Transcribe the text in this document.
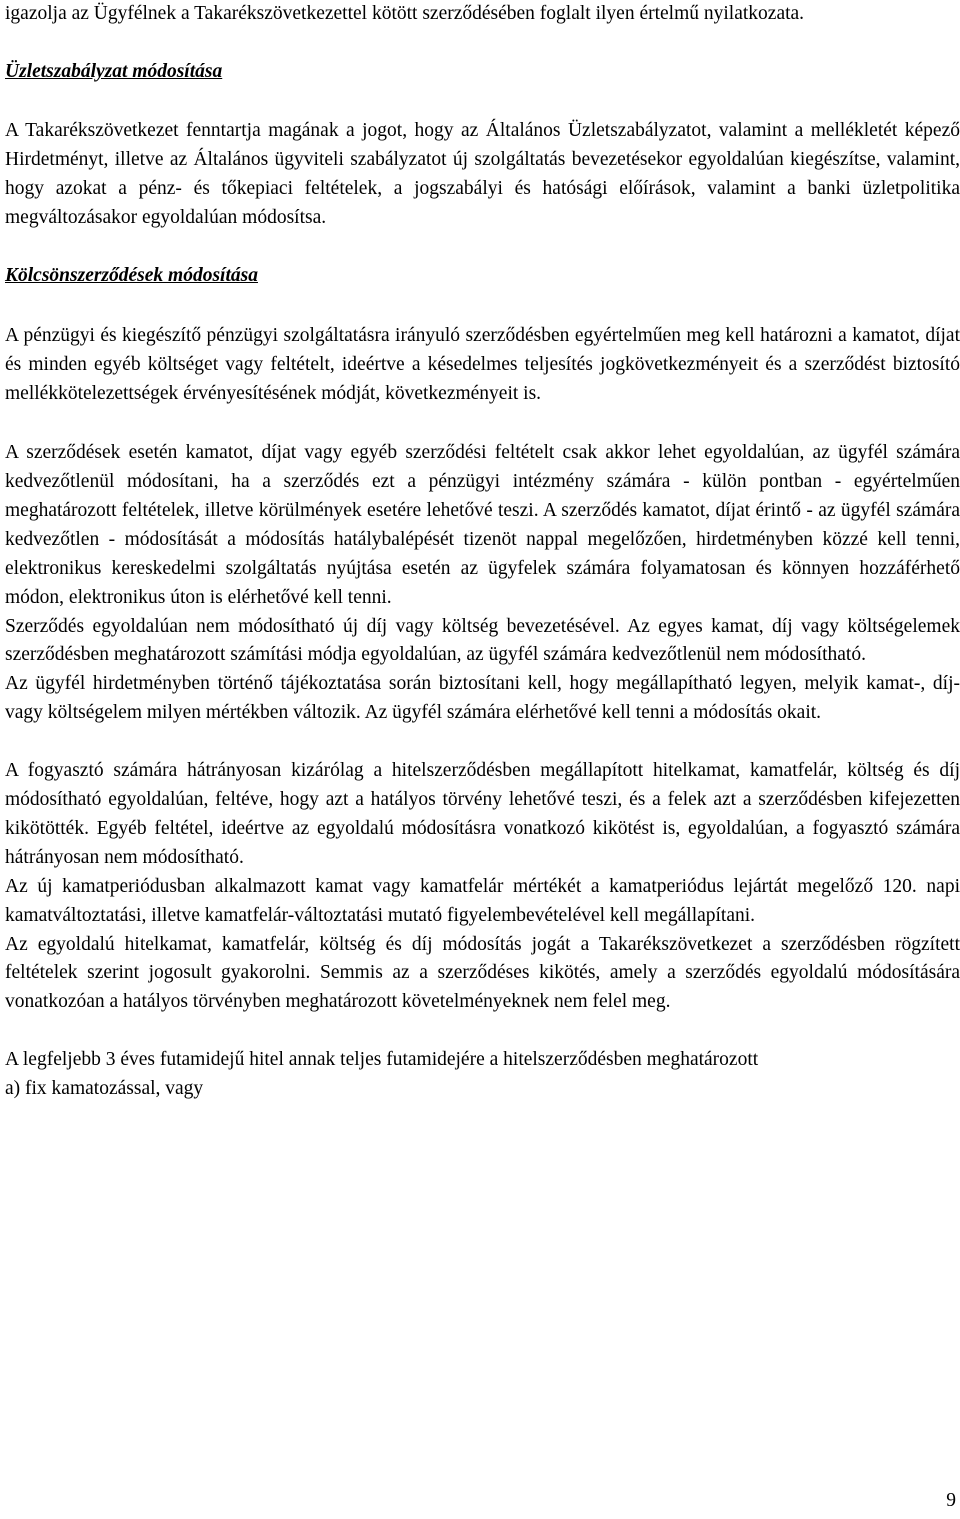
igazolja az Ügyfélnek a Takarékszövetkezettel kötött szerződésében foglalt ilyen értelmű nyilatkozata.

Üzletszabályzat módosítása

A Takarékszövetkezet fenntartja magának a jogot, hogy az Általános Üzletszabályzatot, valamint a mellékletét képező Hirdetményt, illetve az Általános ügyviteli szabályzatot új szolgáltatás bevezetésekor egyoldalúan kiegészítse, valamint, hogy azokat a pénz- és tőkepiaci feltételek, a jogszabályi és hatósági előírások, valamint a banki üzletpolitika megváltozásakor egyoldalúan módosítsa.

Kölcsönszerződések módosítása

A pénzügyi és kiegészítő pénzügyi szolgáltatásra irányuló szerződésben egyértelműen meg kell határozni a kamatot, díjat és minden egyéb költséget vagy feltételt, ideértve a késedelmes teljesítés jogkövetkezményeit és a szerződést biztosító mellékkötelezettségek érvényesítésének módját, következményeit is.

A szerződések esetén kamatot, díjat vagy egyéb szerződési feltételt csak akkor lehet egyoldalúan, az ügyfél számára kedvezőtlenül módosítani, ha a szerződés ezt a pénzügyi intézmény számára - külön pontban - egyértelműen meghatározott feltételek, illetve körülmények esetére lehetővé teszi. A szerződés kamatot, díjat érintő - az ügyfél számára kedvezőtlen - módosítását a módosítás hatálybalépését tizenöt nappal megelőzően, hirdetményben közzé kell tenni, elektronikus kereskedelmi szolgáltatás nyújtása esetén az ügyfelek számára folyamatosan és könnyen hozzáférhető módon, elektronikus úton is elérhetővé kell tenni.

Szerződés egyoldalúan nem módosítható új díj vagy költség bevezetésével. Az egyes kamat, díj vagy költségelemek szerződésben meghatározott számítási módja egyoldalúan, az ügyfél számára kedvezőtlenül nem módosítható.

Az ügyfél hirdetményben történő tájékoztatása során biztosítani kell, hogy megállapítható legyen, melyik kamat-, díj- vagy költségelem milyen mértékben változik. Az ügyfél számára elérhetővé kell tenni a módosítás okait.

A fogyasztó számára hátrányosan kizárólag a hitelszerződésben megállapított hitelkamat, kamatfelár, költség és díj módosítható egyoldalúan, feltéve, hogy azt a hatályos törvény lehetővé teszi, és a felek azt a szerződésben kifejezetten kikötötték. Egyéb feltétel, ideértve az egyoldalú módosításra vonatkozó kikötést is, egyoldalúan, a fogyasztó számára hátrányosan nem módosítható.

Az új kamatperiódusban alkalmazott kamat vagy kamatfelár mértékét a kamatperiódus lejártát megelőző 120. napi kamatváltoztatási, illetve kamatfelár-változtatási mutató figyelembevételével kell megállapítani.

Az egyoldalú hitelkamat, kamatfelár, költség és díj módosítás jogát a Takarékszövetkezet a szerződésben rögzített feltételek szerint jogosult gyakorolni. Semmis az a szerződéses kikötés, amely a szerződés egyoldalú módosítására vonatkozóan a hatályos törvényben meghatározott követelményeknek nem felel meg.

A legfeljebb 3 éves futamidejű hitel annak teljes futamidejére a hitelszerződésben meghatározott

a) fix kamatozással, vagy

9
